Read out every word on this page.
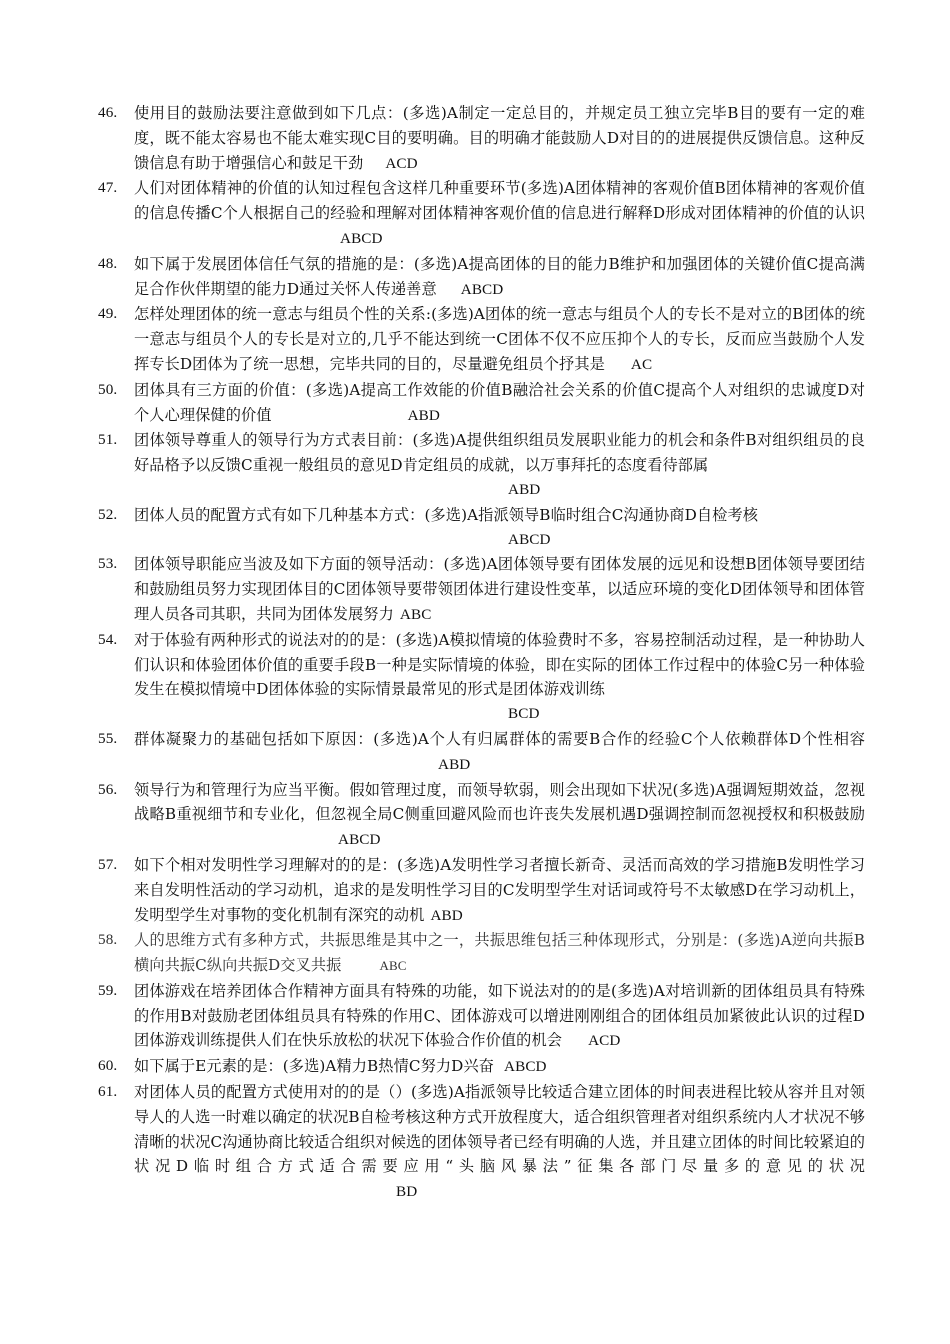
46.	使用目的鼓励法要注意做到如下几点：(多选)A制定一定总目的，并规定员工独立完毕B目的要有一定的难度，既不能太容易也不能太难实现C目的要明确。目的明确才能鼓励人D对目的的进展提供反馈信息。这种反馈信息有助于增强信心和鼓足干劲 ACD
47.	人们对团体精神的价值的认知过程包含这样几种重要环节(多选)A团体精神的客观价值B团体精神的客观价值的信息传播C个人根据自己的经验和理解对团体精神客观价值的信息进行解释D形成对团体精神的价值的认识ABCD
48.	如下属于发展团体信任气氛的措施的是：(多选)A提高团体的目的能力B维护和加强团体的关键价值C提高满足合作伙伴期望的能力D通过关怀人传递善意 ABCD
49.	怎样处理团体的统一意志与组员个性的关系:(多选)A团体的统一意志与组员个人的专长不是对立的B团体的统一意志与组员个人的专长是对立的,几乎不能达到统一C团体不仅不应压抑个人的专长，反而应当鼓励个人发挥专长D团体为了统一思想，完毕共同的目的，尽量避免组员个抒其是 AC
50.	团体具有三方面的价值：(多选)A提高工作效能的价值B融洽社会关系的价值C提高个人对组织的忠诚度D对个人心理保健的价值	ABD
51.	团体领导尊重人的领导行为方式表目前：(多选)A提供组织组员发展职业能力的机会和条件B对组织组员的良好品格予以反馈C重视一般组员的意见D肯定组员的成就，以万事拜托的态度看待部属
ABD
52.	团体人员的配置方式有如下几种基本方式：(多选)A指派领导B临时组合C沟通协商D自检考核
ABCD
53.	团体领导职能应当波及如下方面的领导活动：(多选)A团体领导要有团体发展的远见和设想B团体领导要团结和鼓励组员努力实现团体目的C团体领导要带领团体进行建设性变革，以适应环境的变化D团体领导和团体管理人员各司其职，共同为团体发展努力 ABC
54.	对于体验有两种形式的说法对的的是：(多选)A模拟情境的体验费时不多，容易控制活动过程，是一种协助人们认识和体验团体价值的重要手段B一种是实际情境的体验，即在实际的团体工作过程中的体验C另一种体验发生在模拟情境中D团体体验的实际情景最常见的形式是团体游戏训练
BCD
55.	群体凝聚力的基础包括如下原因：(多选)A个人有归属群体的需要B合作的经验C个人依赖群体D个性相容ABD
56.	领导行为和管理行为应当平衡。假如管理过度，而领导软弱，则会出现如下状况(多选)A强调短期效益，忽视战略B重视细节和专业化，但忽视全局C侧重回避风险而也许丧失发展机遇D强调控制而忽视授权和积极鼓励ABCD
57.	如下个相对发明性学习理解对的的是：(多选)A发明性学习者擅长新奇、灵活而高效的学习措施B发明性学习来自发明性活动的学习动机，追求的是发明性学习目的C发明型学生对话词或符号不太敏感D在学习动机上，发明型学生对事物的变化机制有深究的动机 ABD
58.	人的思维方式有多种方式，共振思维是其中之一，共振思维包括三种体现形式，分别是：(多选)A逆向共振B横向共振C纵向共振D交叉共振	ABC
59.	团体游戏在培养团体合作精神方面具有特殊的功能，如下说法对的的是(多选)A对培训新的团体组员具有特殊的作用B对鼓励老团体组员具有特殊的作用C、团体游戏可以增进刚刚组合的团体组员加紧彼此认识的过程D团体游戏训练提供人们在快乐放松的状况下体验合作价值的机会 ACD
60.	如下属于E元素的是：(多选)A精力B热情C努力D兴奋 ABCD
61.	对团体人员的配置方式使用对的的是（）(多选)A指派领导比较适合建立团体的时间表进程比较从容并且对领导人的人选一时难以确定的状况B自检考核这种方式开放程度大，适合组织管理者对组织系统内人才状况不够清晰的状况C沟通协商比较适合组织对候选的团体领导者已经有明确的人选，并且建立团体的时间比较紧迫的状况D临时组合方式适合需要应用“头脑风暴法”征集各部门尽量多的意见的状况BD
